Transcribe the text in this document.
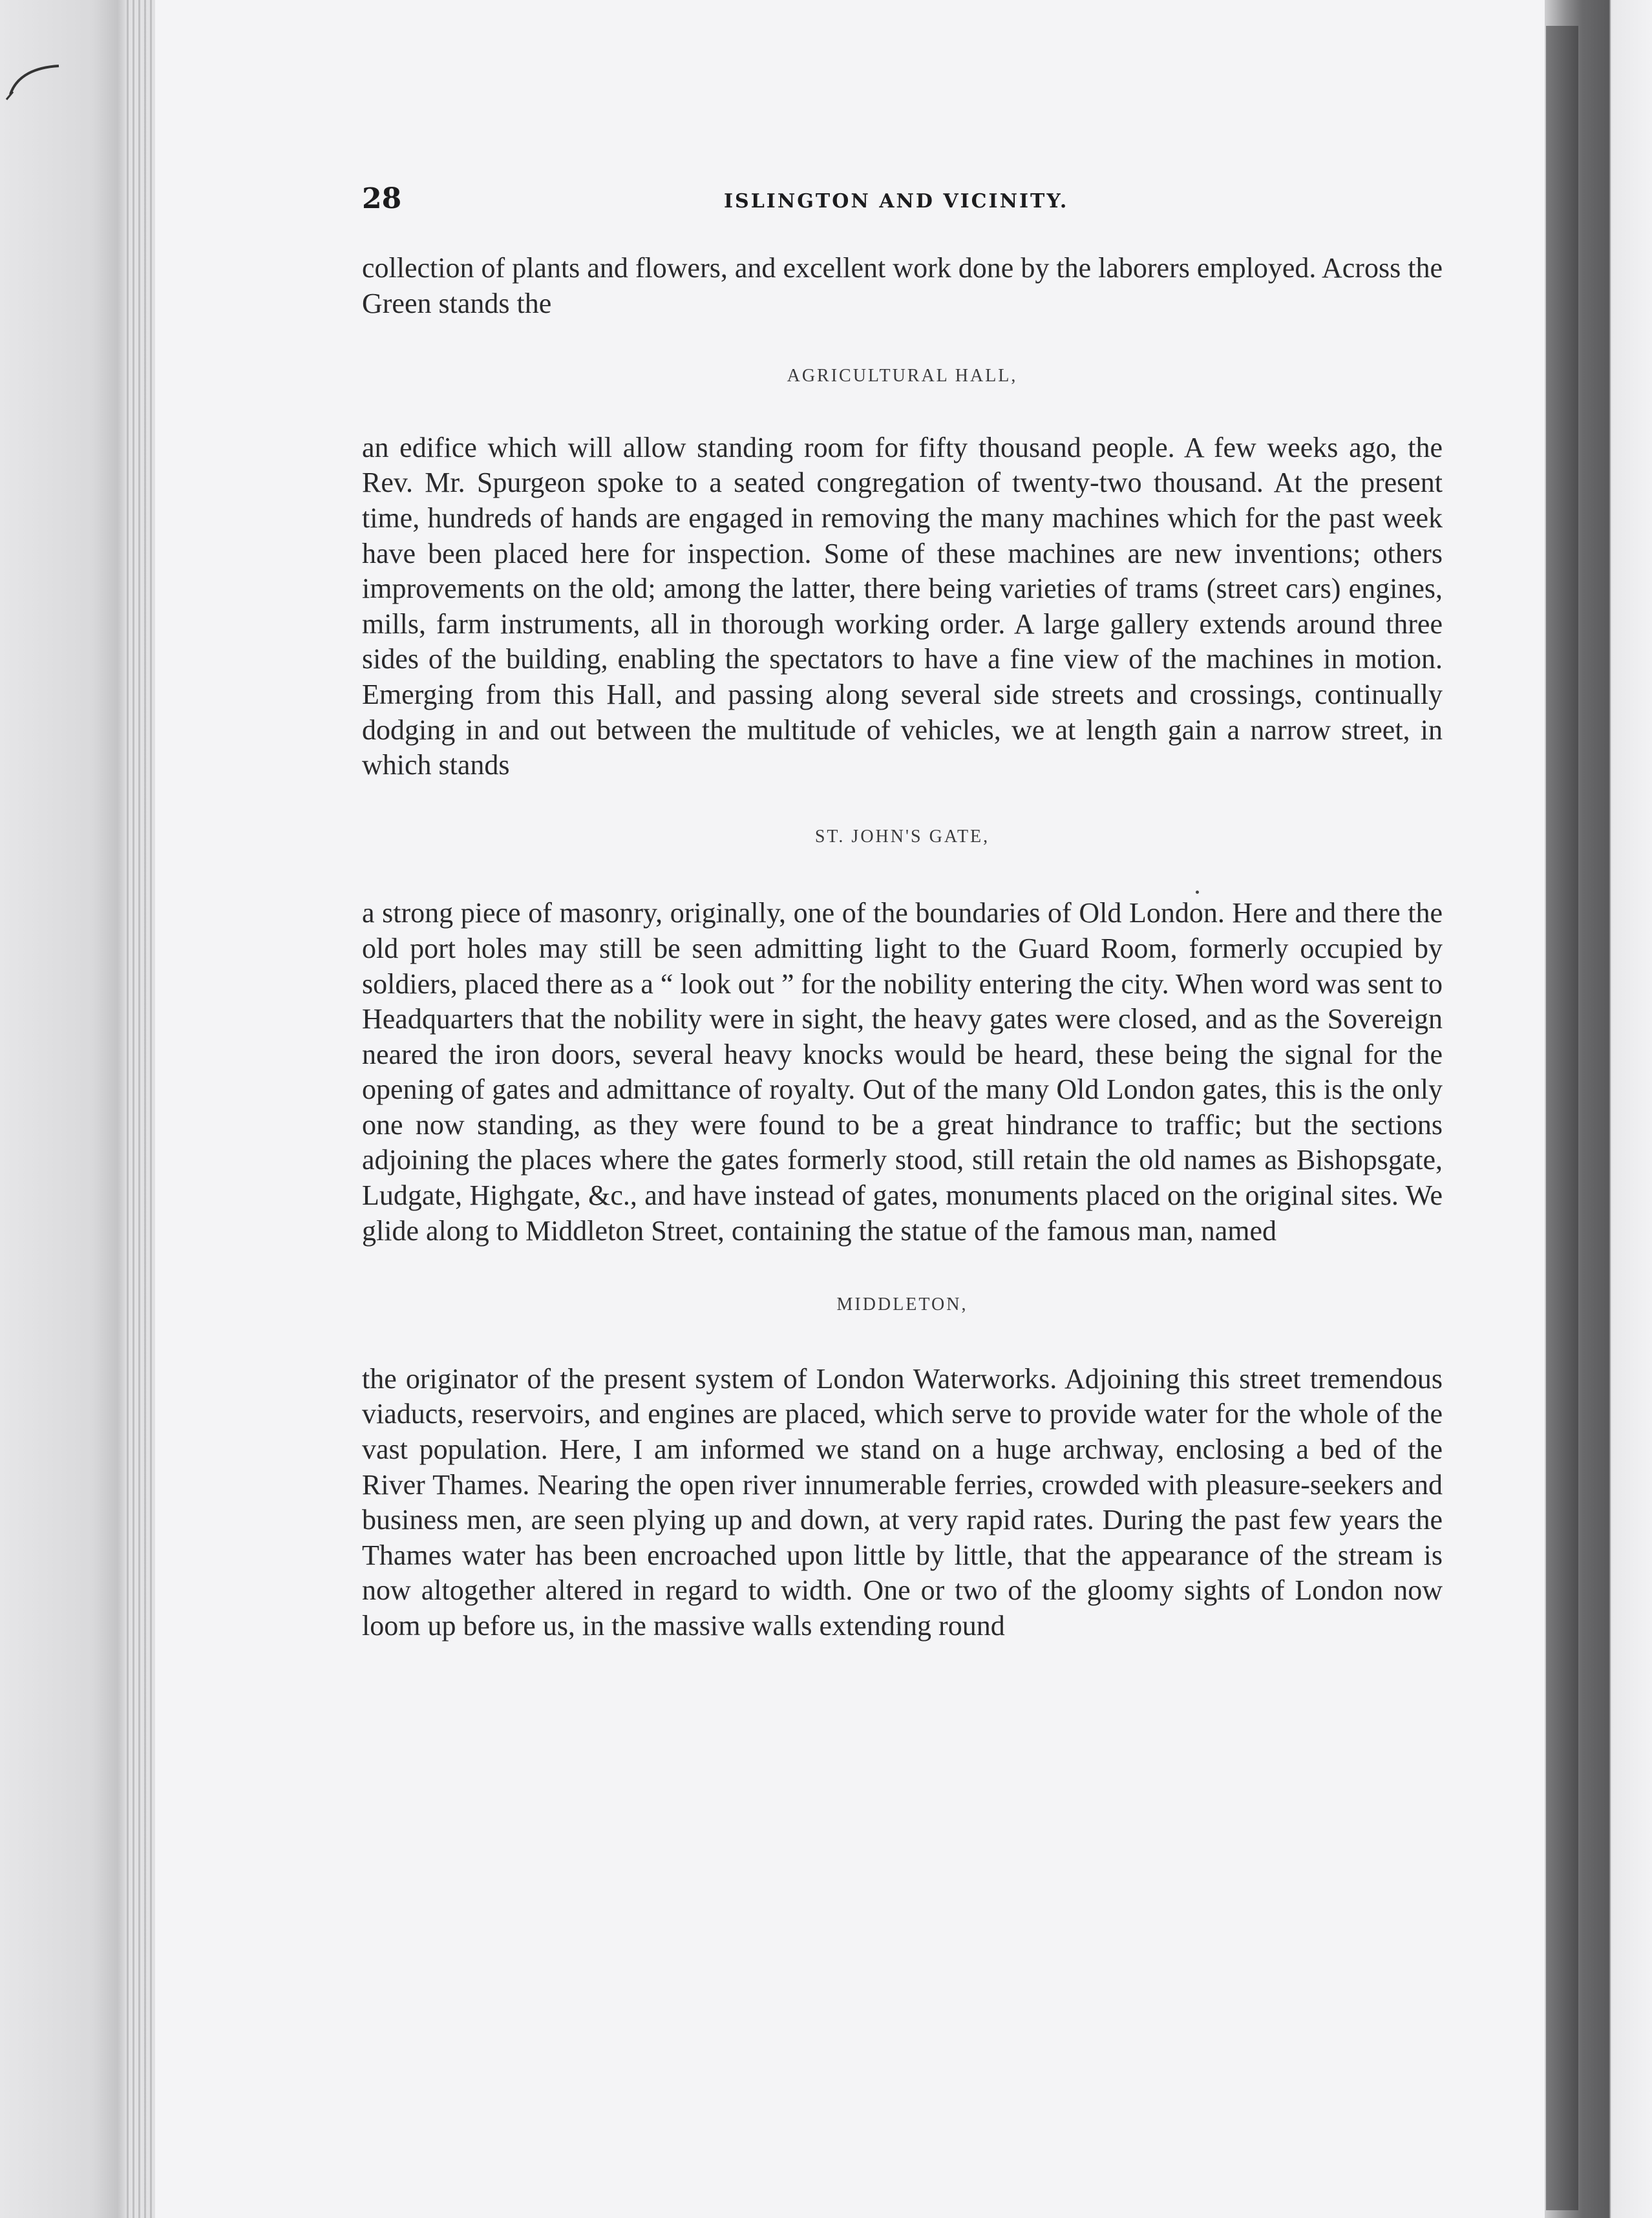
28	ISLINGTON AND VICINITY.

collection of plants and flowers, and excellent work done by the laborers employed. Across the Green stands the

AGRICULTURAL HALL,

an edifice which will allow standing room for fifty thousand people. A few weeks ago, the Rev. Mr. Spurgeon spoke to a seated congregation of twenty-two thousand. At the present time, hundreds of hands are engaged in removing the many machines which for the past week have been placed here for inspection. Some of these machines are new inventions; others improvements on the old; among the latter, there being varieties of trams (street cars) engines, mills, farm instruments, all in thorough working order. A large gallery extends around three sides of the building, enabling the spectators to have a fine view of the machines in motion. Emerging from this Hall, and passing along several side streets and crossings, continually dodging in and out between the multitude of vehicles, we at length gain a narrow street, in which stands

ST. JOHN'S GATE,

a strong piece of masonry, originally, one of the boundaries of Old London. Here and there the old port holes may still be seen admitting light to the Guard Room, formerly occupied by soldiers, placed there as a “ look out ” for the nobility entering the city. When word was sent to Headquarters that the nobility were in sight, the heavy gates were closed, and as the Sovereign neared the iron doors, several heavy knocks would be heard, these being the signal for the opening of gates and admittance of royalty. Out of the many Old London gates, this is the only one now standing, as they were found to be a great hindrance to traffic; but the sections adjoining the places where the gates formerly stood, still retain the old names as Bishopsgate, Ludgate, Highgate, &c., and have instead of gates, monuments placed on the original sites. We glide along to Middleton Street, containing the statue of the famous man, named

MIDDLETON,

the originator of the present system of London Waterworks. Adjoining this street tremendous viaducts, reservoirs, and engines are placed, which serve to provide water for the whole of the vast population. Here, I am informed we stand on a huge archway, enclosing a bed of the River Thames. Nearing the open river innumerable ferries, crowded with pleasure-seekers and business men, are seen plying up and down, at very rapid rates. During the past few years the Thames water has been encroached upon little by little, that the appearance of the stream is now altogether altered in regard to width. One or two of the gloomy sights of London now loom up before us, in the massive walls extending round
